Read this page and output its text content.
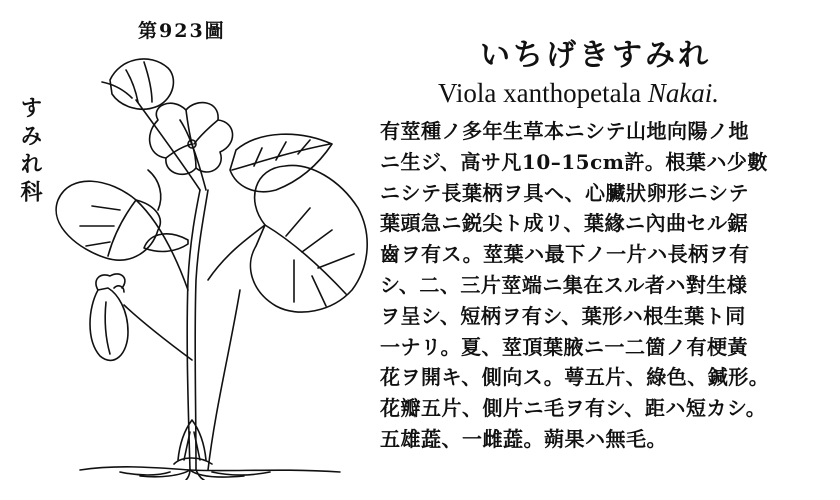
第923圖
すみれ科
いちげきすみれ
Viola xanthopetala Nakai.
有莖種ノ多年生草本ニシテ山地向陽ノ地
ニ生ジ、高サ凡10–15cm許。根葉ハ少數
ニシテ長葉柄ヲ具ヘ、心臟狀卵形ニシテ
葉頭急ニ鋭尖ト成リ、葉緣ニ內曲セル鋸
齒ヲ有ス。莖葉ハ最下ノ一片ハ長柄ヲ有
シ、二、三片莖端ニ集在スル者ハ對生様
ヲ呈シ、短柄ヲ有シ、葉形ハ根生葉ト同
一ナリ。夏、莖頂葉腋ニ一二箇ノ有梗黃
花ヲ開キ、側向ス。萼五片、綠色、鍼形。
花瓣五片、側片ニ毛ヲ有シ、距ハ短カシ。
五雄蕋、一雌蕋。蒴果ハ無毛。
